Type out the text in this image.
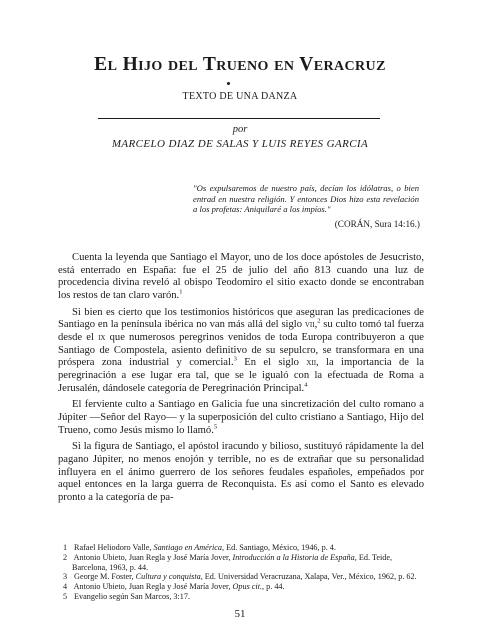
El Hijo del Trueno en Veracruz
TEXTO DE UNA DANZA
por
MARCELO DIAZ DE SALAS Y LUIS REYES GARCIA
"Os expulsaremos de nuestro país, decían los idólatras, o bien entrad en nuestra religión. Y entonces Dios hizo esta revelación a los profetas: Aniquilaré a los impíos."
(CORÁN, Sura 14:16.)

Cuenta la leyenda que Santiago el Mayor, uno de los doce apóstoles de Jesucristo, está enterrado en España: fue el 25 de julio del año 813 cuando una luz de procedencia divina reveló al obispo Teodomiro el sitio exacto donde se encontraban los restos de tan claro varón.$^1$

Si bien es cierto que los testimonios históricos que aseguran las predicaciones de Santiago en la península ibérica no van más allá del siglo vii,$^2$ su culto tomó tal fuerza desde el ix que numerosos peregrinos venidos de toda Europa contribuyeron a que Santiago de Compostela, asiento definitivo de su sepulcro, se transformara en una próspera zona industrial y comercial.$^3$ En el siglo xii, la importancia de la peregrinación a ese lugar era tal, que se le igualó con la efectuada de Roma a Jerusalén, dándosele categoría de Peregrinación Principal.$^4$

El ferviente culto a Santiago en Galicia fue una sincretización del culto romano a Júpiter —Señor del Rayo— y la superposición del culto cristiano a Santiago, Hijo del Trueno, como Jesús mismo lo llamó.$^5$

Si la figura de Santiago, el apóstol iracundo y bilioso, sustituyó rápidamente la del pagano Júpiter, no menos enojón y terrible, no es de extrañar que su personalidad influyera en el ánimo guerrero de los señores feudales españoles, empeñados por aquel entonces en la larga guerra de Reconquista. Es así como el Santo es elevado pronto a la categoría de pa-

1 Rafael Heliodoro Valle, Santiago en América, Ed. Santiago, México, 1946, p. 4.
2 Antonio Ubieto, Juan Regla y José María Jover, Introducción a la Historia de España, Ed. Teide, Barcelona, 1963, p. 44.
3 George M. Foster, Cultura y conquista, Ed. Universidad Veracruzana, Xalapa, Ver., México, 1962, p. 62.
4 Antonio Ubieto, Juan Regla y José María Jover, Opus cit., p. 44.
5 Evangelio según San Marcos, 3:17.
51
